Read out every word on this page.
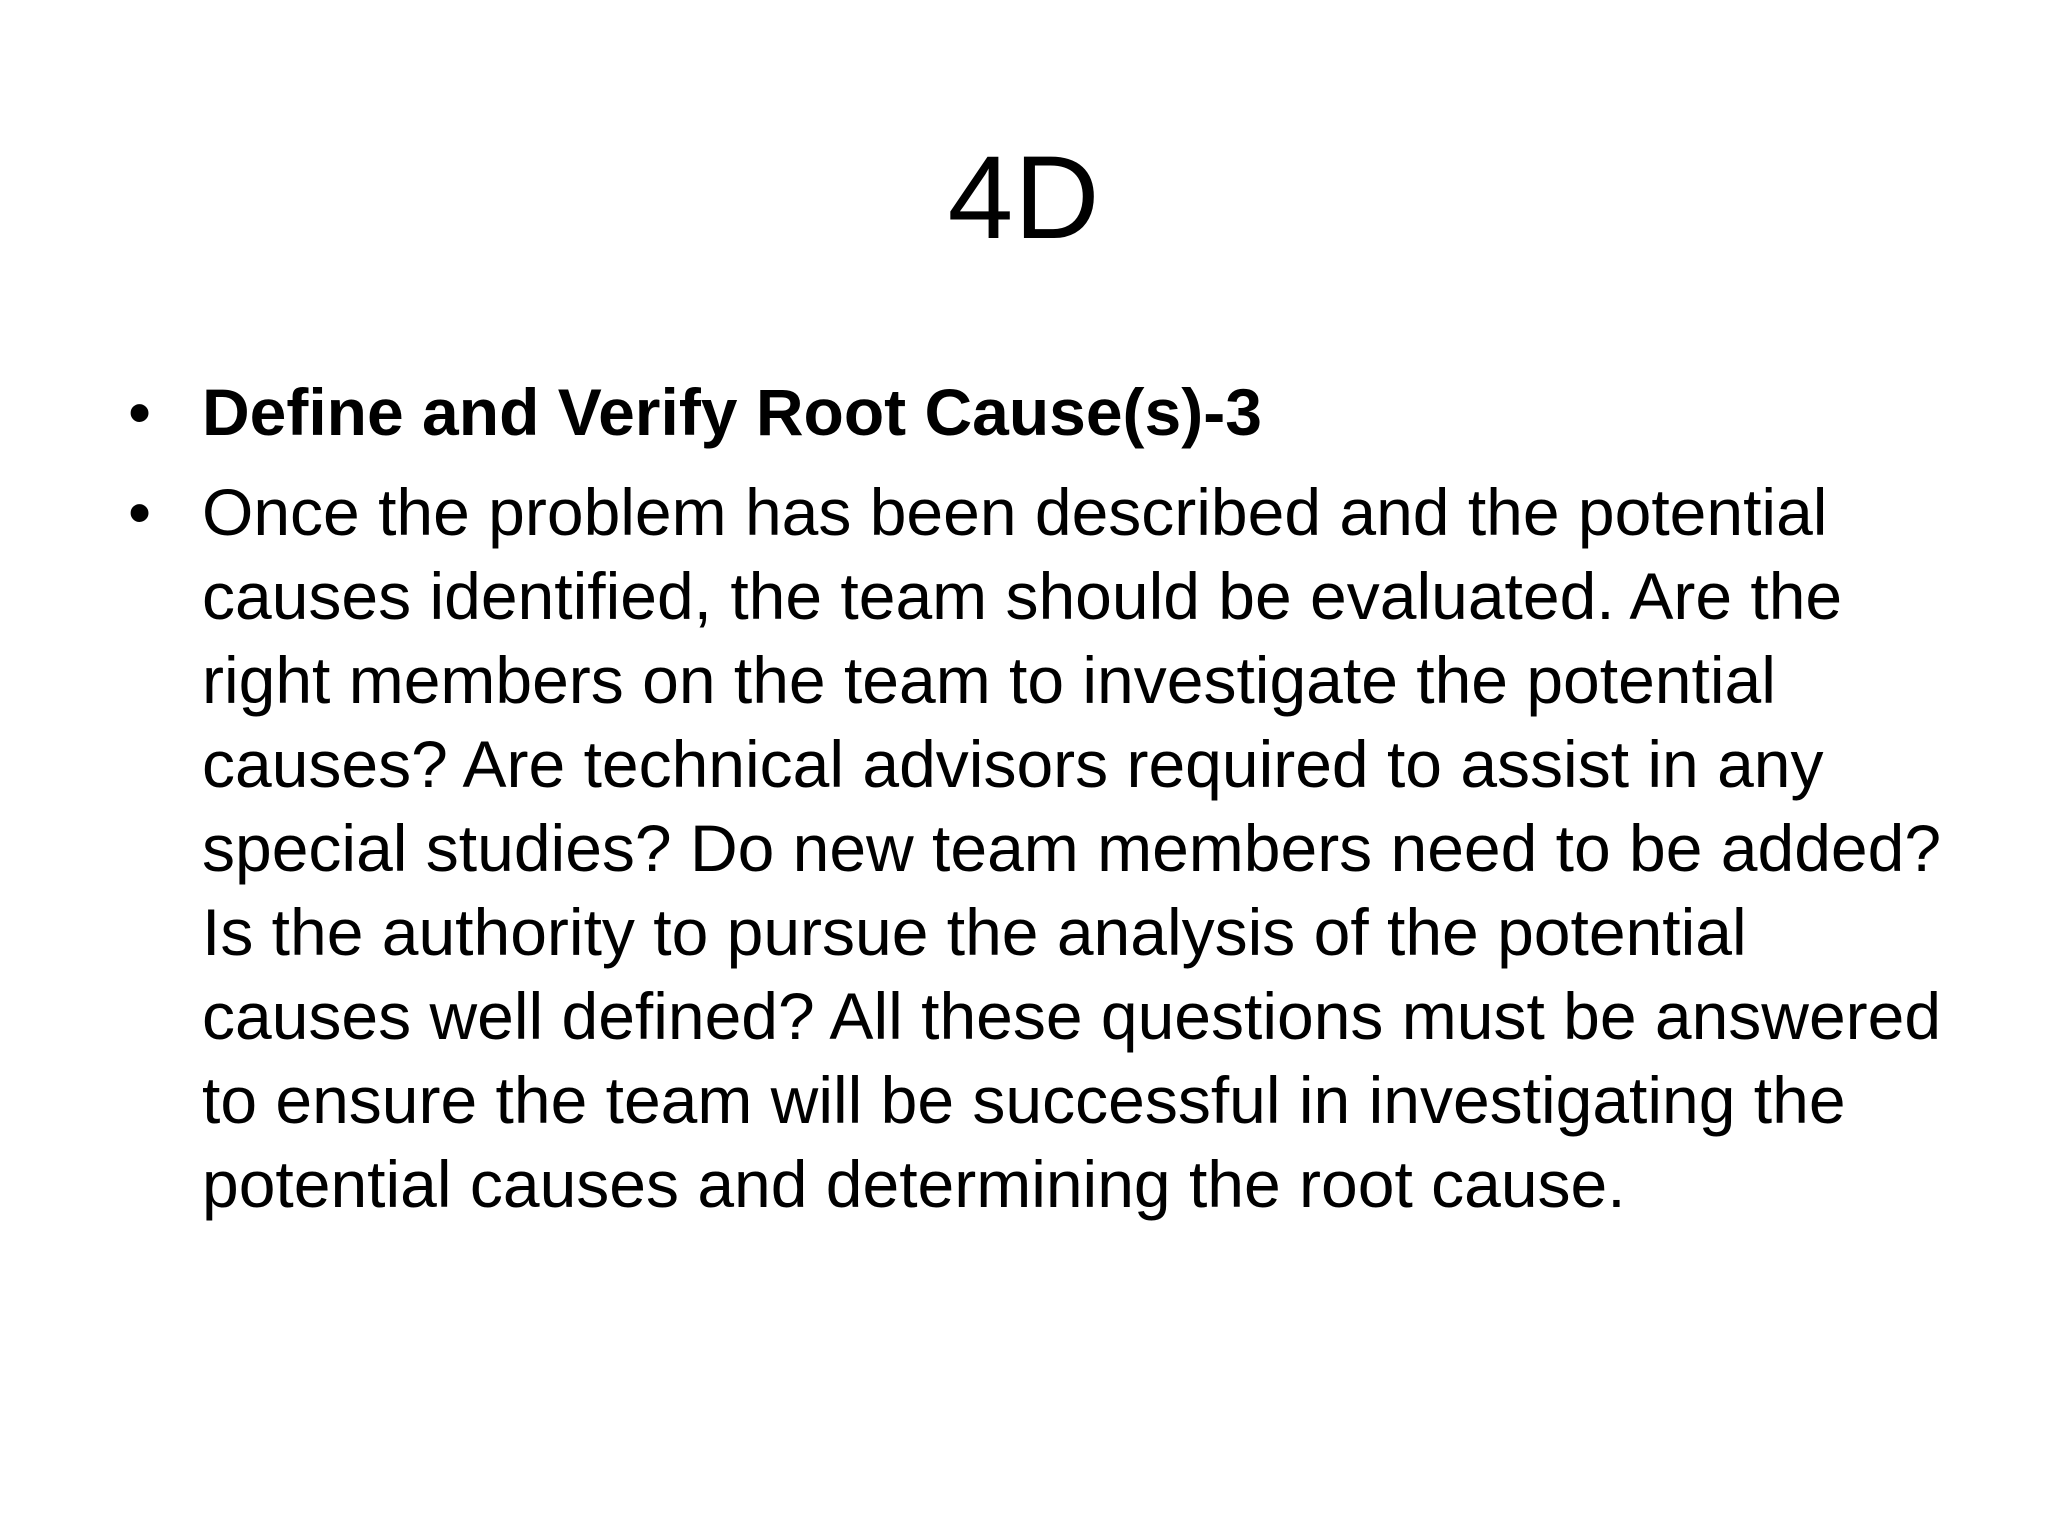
4D
• Define and Verify Root Cause(s)-3
• Once the problem has been described and the potential causes identified, the team should be evaluated. Are the right members on the team to investigate the potential causes? Are technical advisors required to assist in any special studies? Do new team members need to be added? Is the authority to pursue the analysis of the potential causes well defined? All these questions must be answered to ensure the team will be successful in investigating the potential causes and determining the root cause.
